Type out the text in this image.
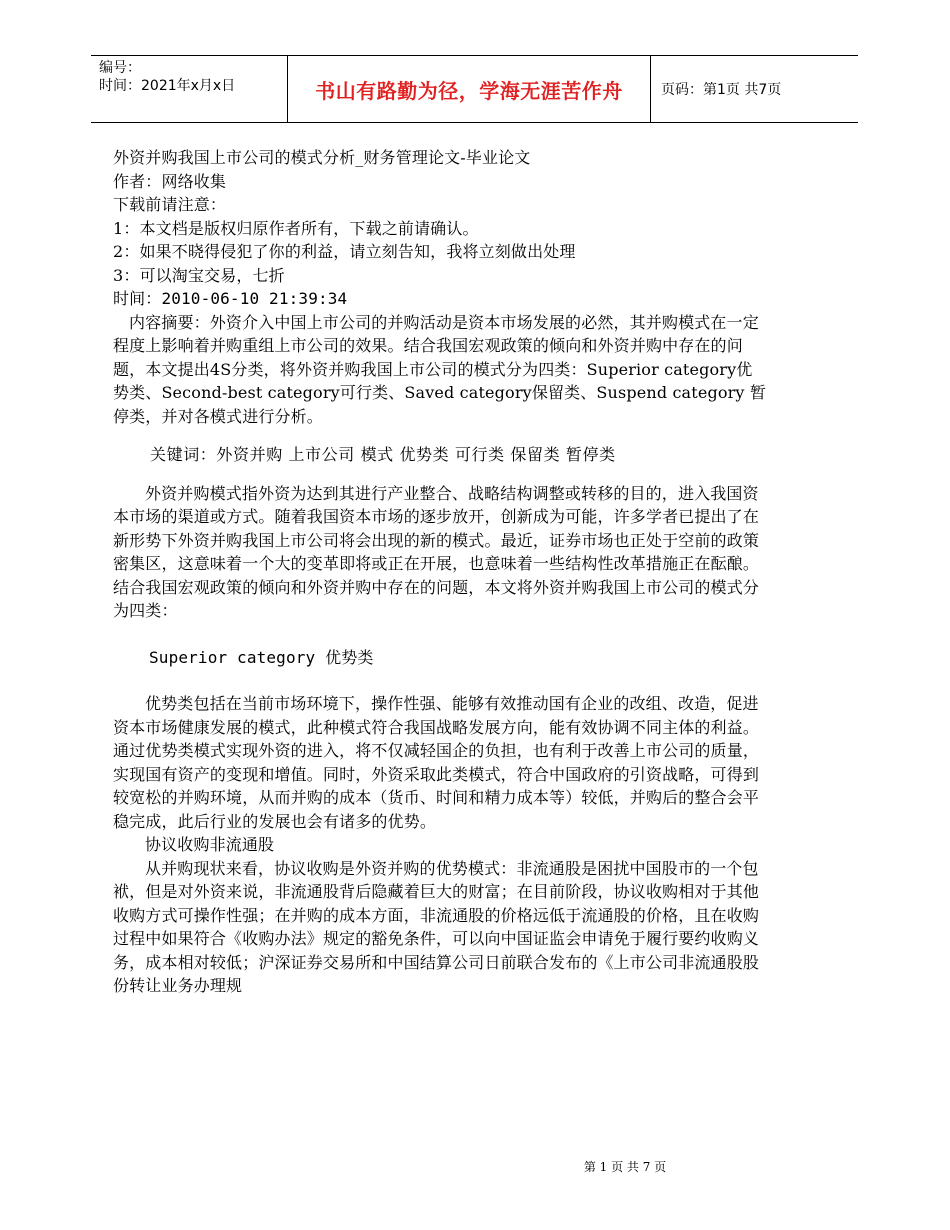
编号：
时间：2021年x月x日	书山有路勤为径，学海无涯苦作舟	页码：第1页 共7页

外资并购我国上市公司的模式分析_财务管理论文-毕业论文

作者：网络收集

下载前请注意：

1：本文档是版权归原作者所有，下载之前请确认。

2：如果不晓得侵犯了你的利益，请立刻告知，我将立刻做出处理

3：可以淘宝交易，七折

时间：2010-06-10 21:39:34

内容摘要：外资介入中国上市公司的并购活动是资本市场发展的必然，其并购模式在一定程度上影响着并购重组上市公司的效果。结合我国宏观政策的倾向和外资并购中存在的问题，本文提出4S分类，将外资并购我国上市公司的模式分为四类：Superior category优势类、Second-best category可行类、Saved category保留类、Suspend category 暂停类，并对各模式进行分析。

关键词：外资并购 上市公司 模式 优势类 可行类 保留类 暂停类

外资并购模式指外资为达到其进行产业整合、战略结构调整或转移的目的，进入我国资本市场的渠道或方式。随着我国资本市场的逐步放开，创新成为可能，许多学者已提出了在新形势下外资并购我国上市公司将会出现的新的模式。最近，证券市场也正处于空前的政策密集区，这意味着一个大的变革即将或正在开展，也意味着一些结构性改革措施正在酝酿。结合我国宏观政策的倾向和外资并购中存在的问题，本文将外资并购我国上市公司的模式分为四类：

Superior category 优势类

优势类包括在当前市场环境下，操作性强、能够有效推动国有企业的改组、改造，促进资本市场健康发展的模式，此种模式符合我国战略发展方向，能有效协调不同主体的利益。通过优势类模式实现外资的进入，将不仅减轻国企的负担，也有利于改善上市公司的质量，实现国有资产的变现和增值。同时，外资采取此类模式，符合中国政府的引资战略，可得到较宽松的并购环境，从而并购的成本（货币、时间和精力成本等）较低，并购后的整合会平稳完成，此后行业的发展也会有诸多的优势。

协议收购非流通股

从并购现状来看，协议收购是外资并购的优势模式：非流通股是困扰中国股市的一个包袱，但是对外资来说，非流通股背后隐藏着巨大的财富；在目前阶段，协议收购相对于其他收购方式可操作性强；在并购的成本方面，非流通股的价格远低于流通股的价格，且在收购过程中如果符合《收购办法》规定的豁免条件，可以向中国证监会申请免于履行要约收购义务，成本相对较低；沪深证券交易所和中国结算公司日前联合发布的《上市公司非流通股股份转让业务办理规

第 1 页 共 7 页
